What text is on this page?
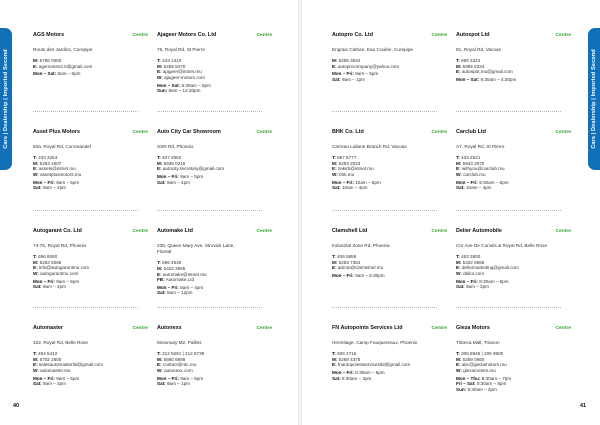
Cars | Dealership | Imported Second	Cars | Dealership | Imported Second
AGS Motors	Centre
Route des Jardins, Curepipe
M: 5786 0000
E: agsmotors2.0@gmail.com
Mon – Sat: 8am – 5pm
Ajageer Motors Co. Ltd	Centre
76, Royal Rd, St Pierre
T: 433 1310
M: 5259 8470
E: ajageer@intnet.mu
W: ajageer-motors.com
Mon – Sat: 8:30am – 5pm
Sun: 8am – 12:30pm
Autopro Co. Ltd	Centre
Engrais Cathan, Eau Coulée, Curepipe
M: 5255 3542
E: autoprocompany@yahoo.com
Mon – Fri: 9am – 5pm
Sat: 9am – 1pm
Autospot Ltd	Centre
81, Royal Rd, Vacoas
T: 686 3324
M: 5995 5334
E: autospot.mu@gmail.com
Mon – Sat: 9:30am – 4:30pm
Asset Plus Motors	Centre
60a, Royal Rd, Coromandel
T: 233 3254
M: 5253 1607
E: assets@intnet.mu
W: assetplusmotors.mu
Mon – Fri: 8am – 5pm
Sat: 8am – 2pm
Auto City Car Showroom	Centre
SSR Rd, Phoenix
T: 427 2662
M: 5936 0216
E: autocity.secretary@gmail.com
Mon – Fri: 9am – 5pm
Sat: 9am – 4pm
BHK Co. Ltd	Centre
Carreau Laliane Branch Rd, Vacoas
T: 697 6777
M: 5293 2523
E: zakirb@intnet.mu
W: bhk.mu
Mon – Fri: 10am – 5pm
Sat: 10am – 4pm
Carclub Ltd	Centre
A7, Royal Rd, St Pierre
T: 433 2521
M: 5943 2670
E: withyou@carclub.mu
W: carclub.mu
Mon – Fri: 9:30am – 5pm
Sat: 10am – 4pm
Autogarant Co. Ltd	Centre
74-76, Royal Rd, Phoenix
T: 696 6060
M: 5253 5056
E: info@autogarantmu.com
W: autogarantmu.com
Mon – Fri: 9am – 5pm
Sat: 9am – 4pm
Automake Ltd	Centre
238, Queen Mary Ave, Struvick Lane,
Floreal
T: 696 4636
M: 5422 3555
E: automake@intnet.mu
FB: Automake.Ltd
Mon – Fri: 8am – 4pm
Sat: 8am – 12pm
Clamshell Ltd	Centre
Industrial Zone Rd, Phoenix
T: 406 5858
M: 5253 7354
E: admin@clamsshel.mu
Mon – Fri: 9am – 5:30pm
Delier Automobile	Centre
Cnr Ave De Coriolis & Royal Rd, Belle Rose
T: 463 3500
M: 5422 6966
E: deliormarketing@gmail.com
W: delior.com
Mon – Fri: 8:30am – 5pm
Sat: 9am – 3pm
Automaster	Centre
102, Royal Rd, Belle Rose
T: 454 5412
M: 5702 2600
E: salesautomasterltd@gmail.com
W: automaster.mu
Mon – Fri: 9am – 5pm
Sat: 9am – 3pm
Autonexx	Centre
Motorway M2, Pailles
T: 212 9291 | 212 6739
M: 5860 8888
E: contact@rdc.mu
W: autonexx.com
Mon – Fri: 9am – 5pm
Sat: 9am – 1pm
FN Autopoints Services Ltd	Centre
Hermitage, Camp Fouquereaux, Phoenix
T: 606 2715
M: 5259 4375
E: fnautopointsservicesltd@gmail.com
Mon – Fri: 8:30am – 5pm
Sat: 8:30am – 3pm
Gieza Motors	Centre
Tribeca Mall, Trianon
T: 206 8945 | 206 9900
M: 5259 0660
E: abc@giezamotors.mu
W: giezamotors.mu
Mon – Thu: 8:30am – 7pm
Fri – Sat: 8:30am – 8pm
Sun: 9:30am – 3pm
40	41
